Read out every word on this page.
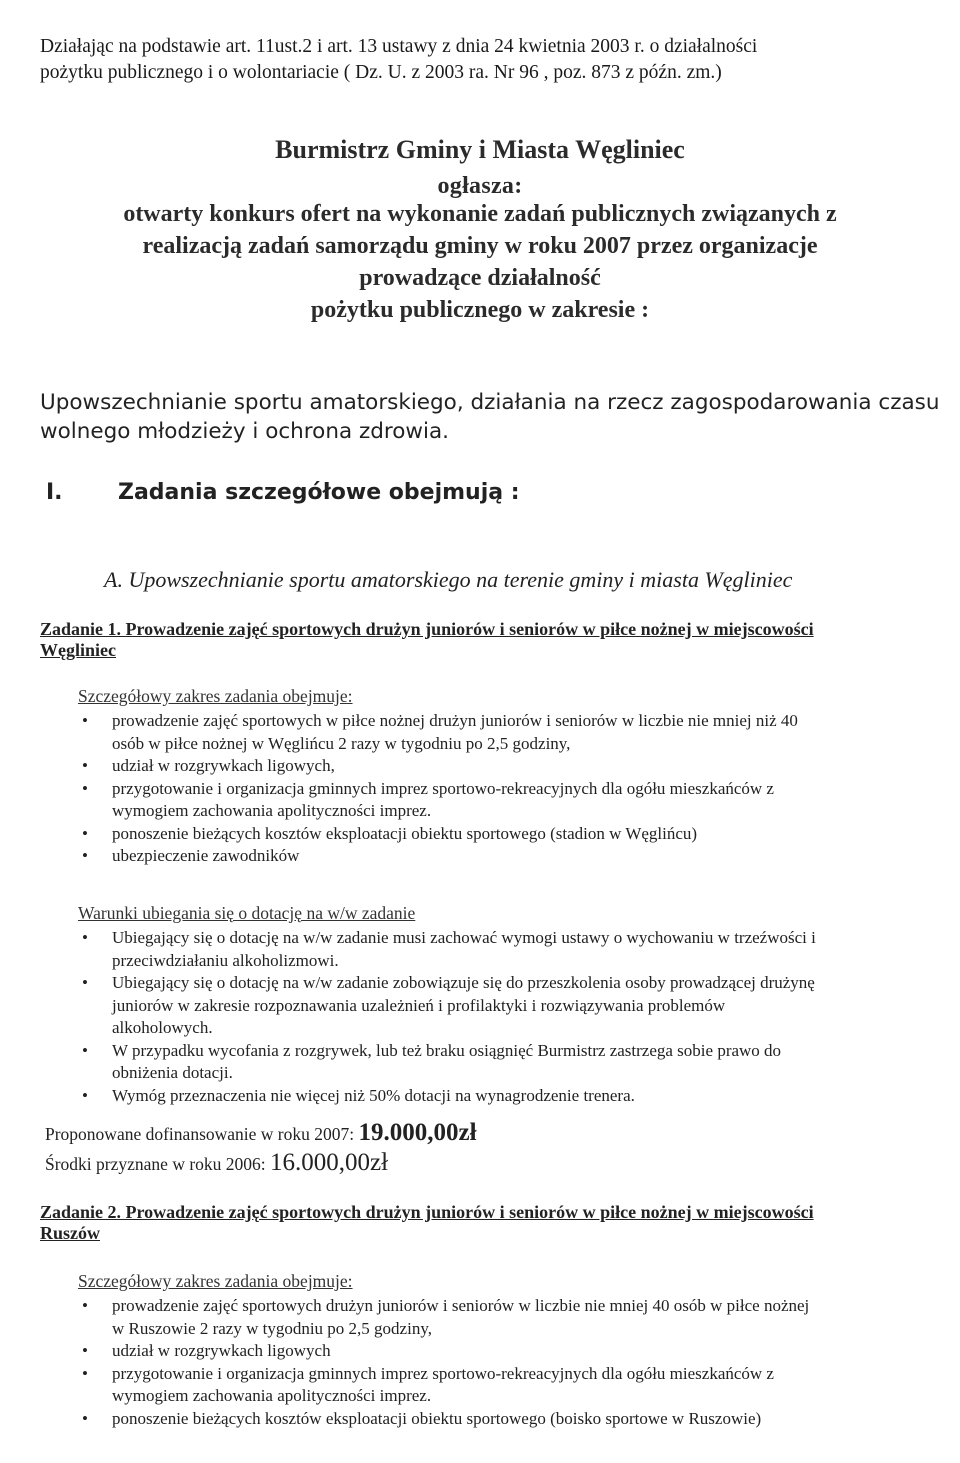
Działając na podstawie art. 11ust.2 i art. 13 ustawy z dnia 24 kwietnia 2003 r. o działalności
pożytku publicznego i o wolontariacie ( Dz. U. z 2003 ra. Nr 96 , poz. 873 z późn. zm.)
Burmistrz Gminy i Miasta Węgliniec
ogłasza:
otwarty konkurs ofert na wykonanie zadań publicznych związanych z
realizacją zadań samorządu gminy w roku 2007 przez organizacje
prowadzące działalność
pożytku publicznego w zakresie :
Upowszechnianie sportu amatorskiego, działania na rzecz zagospodarowania czasu
wolnego młodzieży i ochrona zdrowia.
I.	Zadania szczegółowe obejmują :
A. Upowszechnianie sportu amatorskiego na terenie gminy i miasta Węgliniec
Zadanie 1. Prowadzenie zajęć sportowych drużyn juniorów i seniorów w piłce nożnej w miejscowości
Węgliniec
Szczegółowy zakres zadania obejmuje:
• prowadzenie zajęć sportowych w piłce nożnej drużyn juniorów i seniorów w liczbie nie mniej niż 40
osób w piłce nożnej w Węglińcu 2 razy w tygodniu po 2,5 godziny,
• udział w rozgrywkach ligowych,
• przygotowanie i organizacja gminnych imprez sportowo-rekreacyjnych dla ogółu mieszkańców z
wymogiem zachowania apolityczności imprez.
• ponoszenie bieżących kosztów eksploatacji obiektu sportowego (stadion w Węglińcu)
• ubezpieczenie zawodników
Warunki ubiegania się o dotację na w/w zadanie
• Ubiegający się o dotację na w/w zadanie musi zachować wymogi ustawy o wychowaniu w trzeźwości i
przeciwdziałaniu alkoholizmowi.
• Ubiegający się o dotację na w/w zadanie zobowiązuje się do przeszkolenia osoby prowadzącej drużynę
juniorów w zakresie rozpoznawania uzależnień i profilaktyki i rozwiązywania problemów
alkoholowych.
• W przypadku wycofania z rozgrywek, lub też braku osiągnięć Burmistrz zastrzega sobie prawo do
obniżenia dotacji.
• Wymóg przeznaczenia nie więcej niż 50% dotacji na wynagrodzenie trenera.
Proponowane dofinansowanie w roku 2007: 19.000,00zł
Środki przyznane w roku 2006: 16.000,00zł
Zadanie 2. Prowadzenie zajęć sportowych drużyn juniorów i seniorów w piłce nożnej w miejscowości
Ruszów
Szczegółowy zakres zadania obejmuje:
• prowadzenie zajęć sportowych drużyn juniorów i seniorów w liczbie nie mniej 40 osób w piłce nożnej
w Ruszowie 2 razy w tygodniu po 2,5 godziny,
• udział w rozgrywkach ligowych
• przygotowanie i organizacja gminnych imprez sportowo-rekreacyjnych dla ogółu mieszkańców z
wymogiem zachowania apolityczności imprez.
• ponoszenie bieżących kosztów eksploatacji obiektu sportowego (boisko sportowe w Ruszowie)
